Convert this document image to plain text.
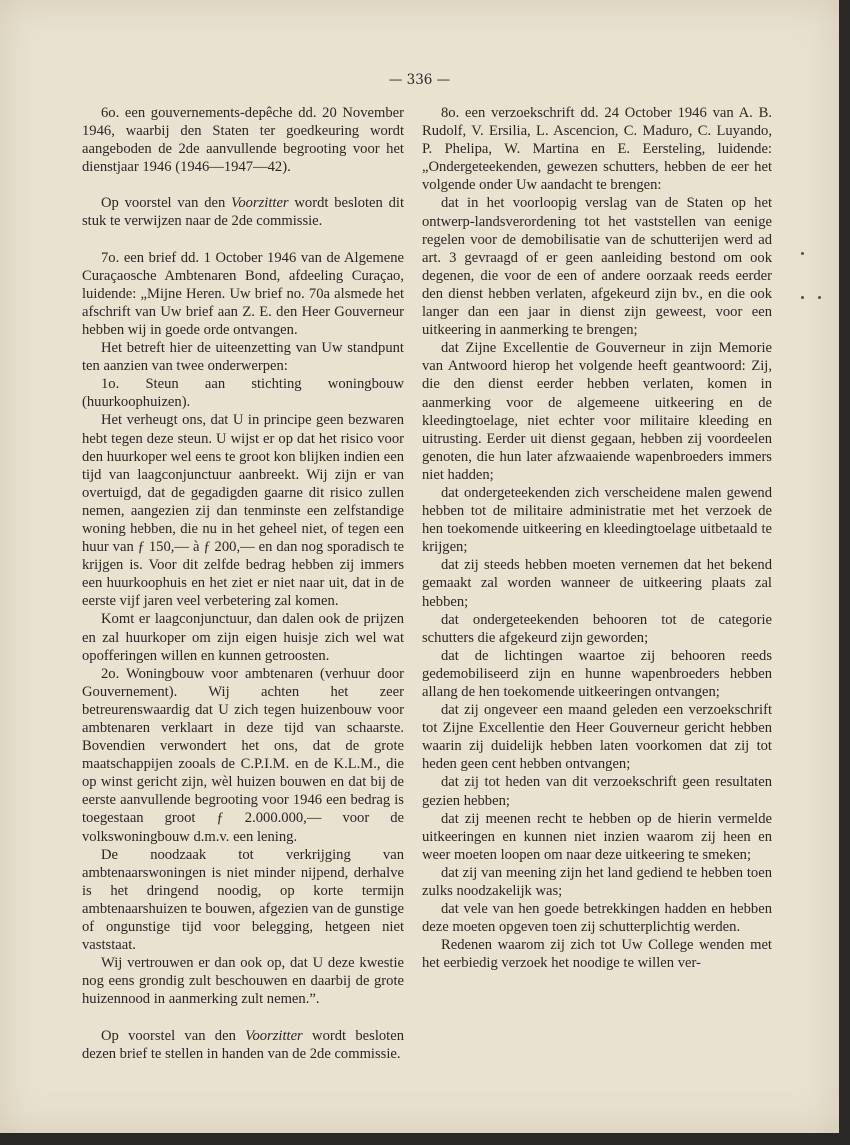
— 336 —

6o. een gouvernements-depêche dd. 20 November 1946, waarbij den Staten ter goedkeuring wordt aangeboden de 2de aanvullende begrooting voor het dienstjaar 1946 (1946—1947—42).

Op voorstel van den Voorzitter wordt besloten dit stuk te verwijzen naar de 2de commissie.

7o. een brief dd. 1 October 1946 van de Algemene Curaçaosche Ambtenaren Bond, afdeeling Curaçao, luidende: „Mijne Heren. Uw brief no. 70a alsmede het afschrift van Uw brief aan Z. E. den Heer Gouverneur hebben wij in goede orde ontvangen.

Het betreft hier de uiteenzetting van Uw standpunt ten aanzien van twee onderwerpen:

1o. Steun aan stichting woningbouw (huurkoophuizen).

Het verheugt ons, dat U in principe geen bezwaren hebt tegen deze steun. U wijst er op dat het risico voor den huurkoper wel eens te groot kon blijken indien een tijd van laagconjunctuur aanbreekt. Wij zijn er van overtuigd, dat de gegadigden gaarne dit risico zullen nemen, aangezien zij dan tenminste een zelfstandige woning hebben, die nu in het geheel niet, of tegen een huur van ƒ 150,— à ƒ 200,— en dan nog sporadisch te krijgen is. Voor dit zelfde bedrag hebben zij immers een huurkoophuis en het ziet er niet naar uit, dat in de eerste vijf jaren veel verbetering zal komen.

Komt er laagconjunctuur, dan dalen ook de prijzen en zal huurkoper om zijn eigen huisje zich wel wat opofferingen willen en kunnen getroosten.

2o. Woningbouw voor ambtenaren (verhuur door Gouvernement). Wij achten het zeer betreurenswaardig dat U zich tegen huizenbouw voor ambtenaren verklaart in deze tijd van schaarste. Bovendien verwondert het ons, dat de grote maatschappijen zooals de C.P.I.M. en de K.L.M., die op winst gericht zijn, wèl huizen bouwen en dat bij de eerste aanvullende begrooting voor 1946 een bedrag is toegestaan groot ƒ 2.000.000,— voor de volkswoningbouw d.m.v. een lening.

De noodzaak tot verkrijging van ambtenaarswoningen is niet minder nijpend, derhalve is het dringend noodig, op korte termijn ambtenaarshuizen te bouwen, afgezien van de gunstige of ongunstige tijd voor belegging, hetgeen niet vaststaat.

Wij vertrouwen er dan ook op, dat U deze kwestie nog eens grondig zult beschouwen en daarbij de grote huizennood in aanmerking zult nemen.”.

Op voorstel van den Voorzitter wordt besloten dezen brief te stellen in handen van de 2de commissie.

8o. een verzoekschrift dd. 24 October 1946 van A. B. Rudolf, V. Ersilia, L. Ascencion, C. Maduro, C. Luyando, P. Phelipa, W. Martina en E. Eersteling, luidende: „Ondergeteekenden, gewezen schutters, hebben de eer het volgende onder Uw aandacht te brengen:

dat in het voorloopig verslag van de Staten op het ontwerp-landsverordening tot het vaststellen van eenige regelen voor de demobilisatie van de schutterijen werd ad art. 3 gevraagd of er geen aanleiding bestond om ook degenen, die voor de een of andere oorzaak reeds eerder den dienst hebben verlaten, afgekeurd zijn bv., en die ook langer dan een jaar in dienst zijn geweest, voor een uitkeering in aanmerking te brengen;

dat Zijne Excellentie de Gouverneur in zijn Memorie van Antwoord hierop het volgende heeft geantwoord: Zij, die den dienst eerder hebben verlaten, komen in aanmerking voor de algemeene uitkeering en de kleedingtoelage, niet echter voor militaire kleeding en uitrusting. Eerder uit dienst gegaan, hebben zij voordeelen genoten, die hun later afzwaaiende wapenbroeders immers niet hadden;

dat ondergeteekenden zich verscheidene malen gewend hebben tot de militaire administratie met het verzoek de hen toekomende uitkeering en kleedingtoelage uitbetaald te krijgen;

dat zij steeds hebben moeten vernemen dat het bekend gemaakt zal worden wanneer de uitkeering plaats zal hebben;

dat ondergeteekenden behooren tot de categorie schutters die afgekeurd zijn geworden;

dat de lichtingen waartoe zij behooren reeds gedemobiliseerd zijn en hunne wapenbroeders hebben allang de hen toekomende uitkeeringen ontvangen;

dat zij ongeveer een maand geleden een verzoekschrift tot Zijne Excellentie den Heer Gouverneur gericht hebben waarin zij duidelijk hebben laten voorkomen dat zij tot heden geen cent hebben ontvangen;

dat zij tot heden van dit verzoekschrift geen resultaten gezien hebben;

dat zij meenen recht te hebben op de hierin vermelde uitkeeringen en kunnen niet inzien waarom zij heen en weer moeten loopen om naar deze uitkeering te smeken;

dat zij van meening zijn het land gediend te hebben toen zulks noodzakelijk was;

dat vele van hen goede betrekkingen hadden en hebben deze moeten opgeven toen zij schutterplichtig werden.

Redenen waarom zij zich tot Uw College wenden met het eerbiedig verzoek het noodige te willen ver-
